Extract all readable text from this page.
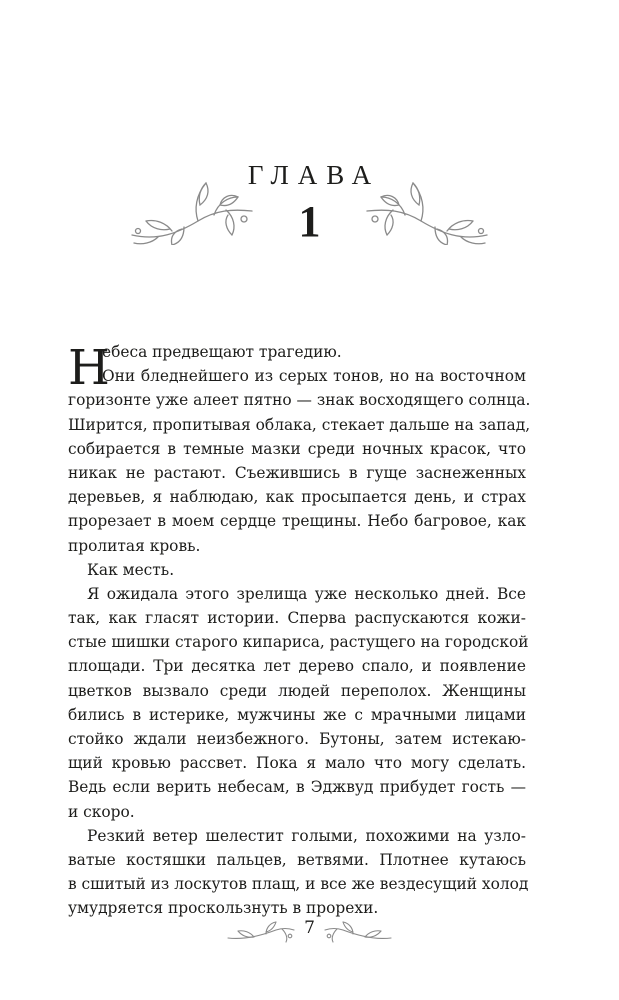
ГЛАВА
1
Н
ебеса предвещают трагедию.
Они бледнейшего из серых тонов, но на восточном
горизонте уже алеет пятно — знак восходящего солнца.
Ширится, пропитывая облака, стекает дальше на запад,
собирается в темные мазки среди ночных красок, что
никак не растают. Съежившись в гуще заснеженных
деревьев, я наблюдаю, как просыпается день, и страх
прорезает в моем сердце трещины. Небо багровое, как
пролитая кровь.
Как месть.
Я ожидала этого зрелища уже несколько дней. Все
так, как гласят истории. Сперва распускаются кожи-
стые шишки старого кипариса, растущего на городской
площади. Три десятка лет дерево спало, и появление
цветков вызвало среди людей переполох. Женщины
бились в истерике, мужчины же с мрачными лицами
стойко ждали неизбежного. Бутоны, затем истекаю-
щий кровью рассвет. Пока я мало что могу сделать.
Ведь если верить небесам, в Эджвуд прибудет гость —
и скоро.
Резкий ветер шелестит голыми, похожими на узло-
ватые костяшки пальцев, ветвями. Плотнее кутаюсь
в сшитый из лоскутов плащ, и все же вездесущий холод
умудряется проскользнуть в прорехи.
7
